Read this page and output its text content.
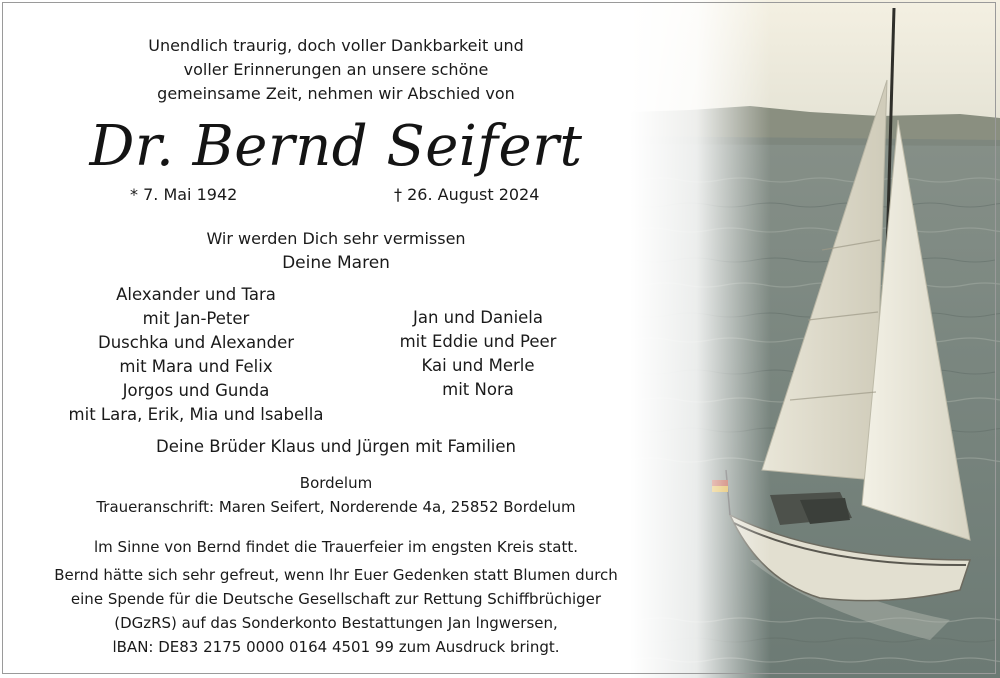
Unendlich traurig, doch voller Dankbarkeit und
voller Erinnerungen an unsere schöne
gemeinsame Zeit, nehmen wir Abschied von
Dr. Bernd Seifert
* 7. Mai 1942	† 26. August 2024
Wir werden Dich sehr vermissen
Deine Maren
Alexander und Tara
mit Jan-Peter
Duschka und Alexander
mit Mara und Felix
Jorgos und Gunda
mit Lara, Erik, Mia und lsabella
Jan und Daniela
mit Eddie und Peer
Kai und Merle
mit Nora
Deine Brüder Klaus und Jürgen mit Familien
Bordelum
Traueranschrift: Maren Seifert, Norderende 4a, 25852 Bordelum
lm Sinne von Bernd findet die Trauerfeier im engsten Kreis statt.
Bernd hätte sich sehr gefreut, wenn lhr Euer Gedenken statt Blumen durch
eine Spende für die Deutsche Gesellschaft zur Rettung Schiffbrüchiger
(DGzRS) auf das Sonderkonto Bestattungen Jan lngwersen,
lBAN: DE83 2175 0000 0164 4501 99 zum Ausdruck bringt.
